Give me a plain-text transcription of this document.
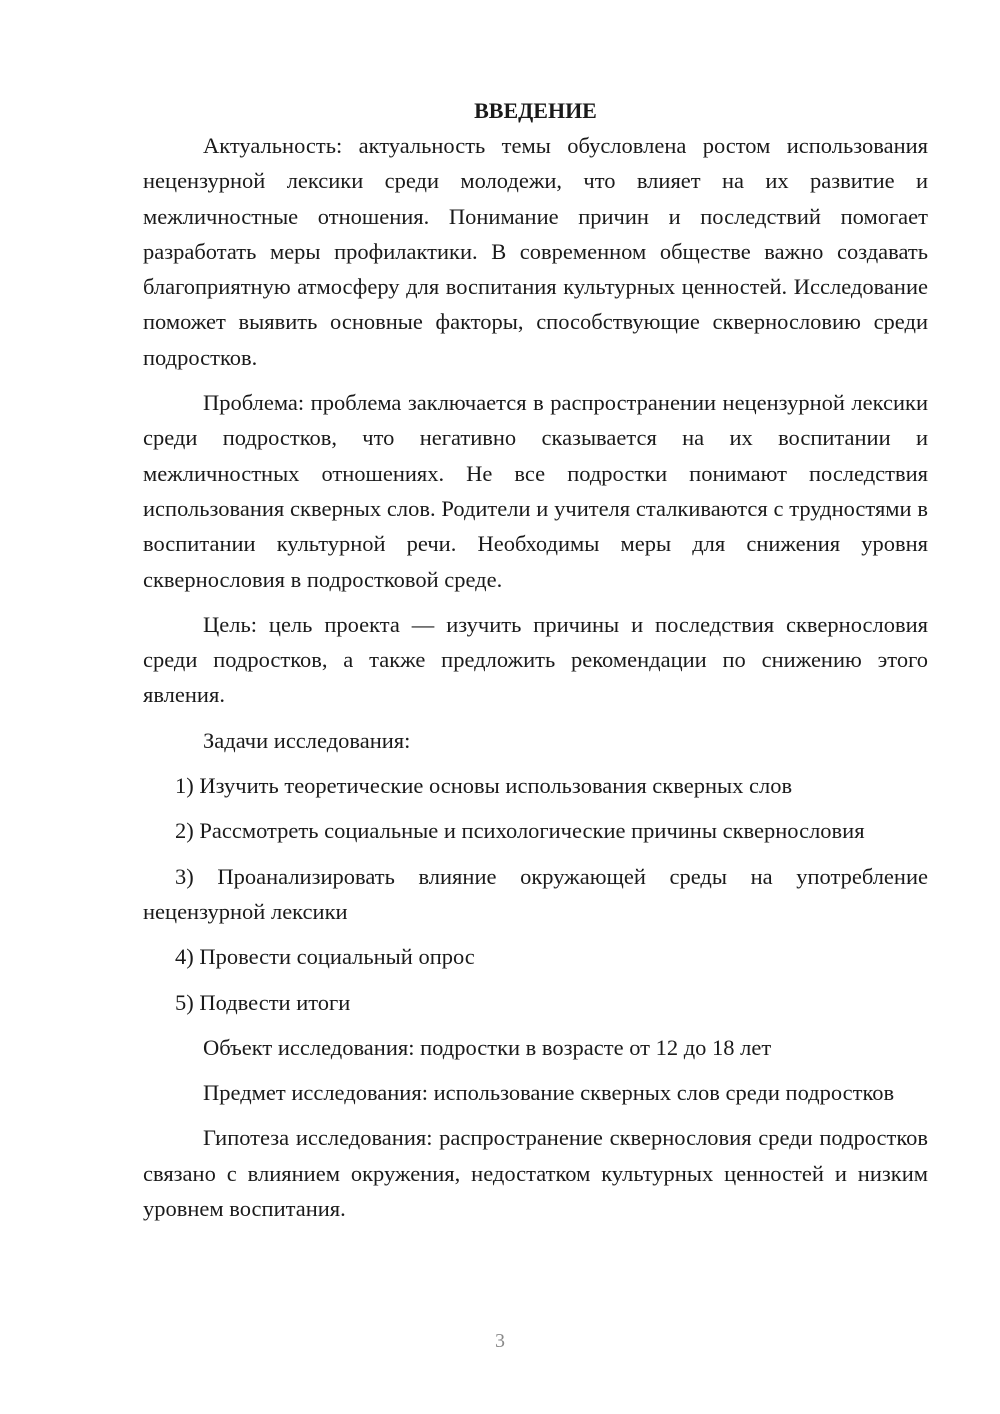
ВВЕДЕНИЕ

Актуальность: актуальность темы обусловлена ростом использования нецензурной лексики среди молодежи, что влияет на их развитие и межличностные отношения. Понимание причин и последствий помогает разработать меры профилактики. В современном обществе важно создавать благоприятную атмосферу для воспитания культурных ценностей. Исследование поможет выявить основные факторы, способствующие сквернословию среди подростков.

Проблема: проблема заключается в распространении нецензурной лексики среди подростков, что негативно сказывается на их воспитании и межличностных отношениях. Не все подростки понимают последствия использования скверных слов. Родители и учителя сталкиваются с трудностями в воспитании культурной речи. Необходимы меры для снижения уровня сквернословия в подростковой среде.

Цель: цель проекта — изучить причины и последствия сквернословия среди подростков, а также предложить рекомендации по снижению этого явления.

Задачи исследования:

1) Изучить теоретические основы использования скверных слов

2) Рассмотреть социальные и психологические причины сквернословия

3) Проанализировать влияние окружающей среды на употребление нецензурной лексики

4) Провести социальный опрос

5) Подвести итоги

Объект исследования: подростки в возрасте от 12 до 18 лет

Предмет исследования: использование скверных слов среди подростков

Гипотеза исследования: распространение сквернословия среди подростков связано с влиянием окружения, недостатком культурных ценностей и низким уровнем воспитания.

3
